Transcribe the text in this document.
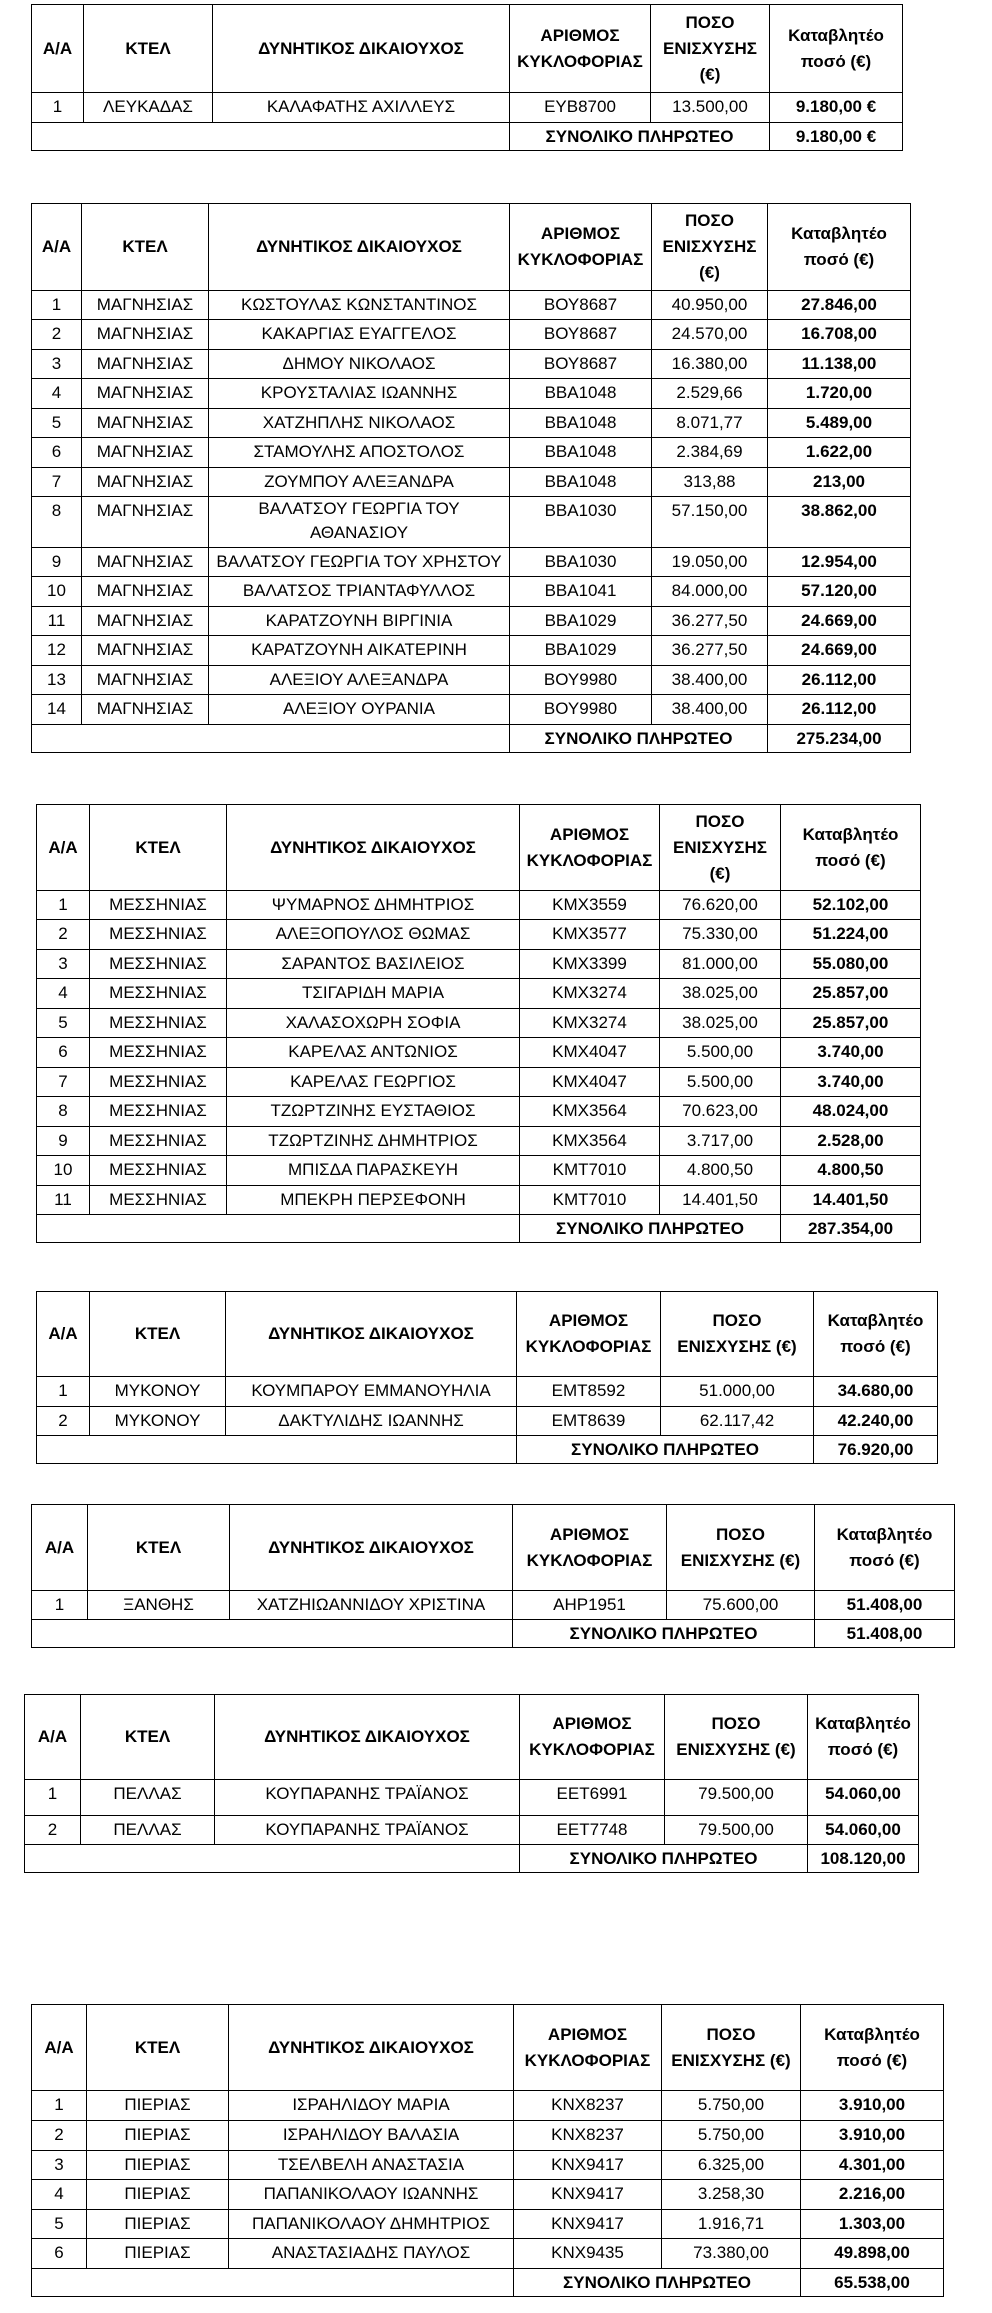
Α/Α	ΚΤΕΛ	ΔΥΝΗΤΙΚΟΣ ΔΙΚΑΙΟΥΧΟΣ	ΑΡΙΘΜΟΣ ΚΥΚΛΟΦΟΡΙΑΣ	ΠΟΣΟ ΕΝΙΣΧΥΣΗΣ (€)	Καταβλητέο ποσό (€)
1	ΛΕΥΚΑΔΑΣ	ΚΑΛΑΦΑΤΗΣ ΑΧΙΛΛΕΥΣ	ΕΥΒ8700	13.500,00	9.180,00 €
			ΣΥΝΟΛΙΚΟ ΠΛΗΡΩΤΕΟ		9.180,00 €
Α/Α	ΚΤΕΛ	ΔΥΝΗΤΙΚΟΣ ΔΙΚΑΙΟΥΧΟΣ	ΑΡΙΘΜΟΣ ΚΥΚΛΟΦΟΡΙΑΣ	ΠΟΣΟ ΕΝΙΣΧΥΣΗΣ (€)	Καταβλητέο ποσό (€)
1	ΜΑΓΝΗΣΙΑΣ	ΚΩΣΤΟΥΛΑΣ ΚΩΝΣΤΑΝΤΙΝΟΣ	ΒΟΥ8687	40.950,00	27.846,00
2	ΜΑΓΝΗΣΙΑΣ	ΚΑΚΑΡΓΙΑΣ ΕΥΑΓΓΕΛΟΣ	ΒΟΥ8687	24.570,00	16.708,00
3	ΜΑΓΝΗΣΙΑΣ	ΔΗΜΟΥ ΝΙΚΟΛΑΟΣ	ΒΟΥ8687	16.380,00	11.138,00
4	ΜΑΓΝΗΣΙΑΣ	ΚΡΟΥΣΤΑΛΙΑΣ ΙΩΑΝΝΗΣ	ΒΒΑ1048	2.529,66	1.720,00
5	ΜΑΓΝΗΣΙΑΣ	ΧΑΤΖΗΠΛΗΣ ΝΙΚΟΛΑΟΣ	ΒΒΑ1048	8.071,77	5.489,00
6	ΜΑΓΝΗΣΙΑΣ	ΣΤΑΜΟΥΛΗΣ ΑΠΟΣΤΟΛΟΣ	ΒΒΑ1048	2.384,69	1.622,00
7	ΜΑΓΝΗΣΙΑΣ	ΖΟΥΜΠΟΥ ΑΛΕΞΑΝΔΡΑ	ΒΒΑ1048	313,88	213,00
8	ΜΑΓΝΗΣΙΑΣ	ΒΑΛΑΤΣΟΥ ΓΕΩΡΓΙΑ ΤΟΥ ΑΘΑΝΑΣΙΟΥ	ΒΒΑ1030	57.150,00	38.862,00
9	ΜΑΓΝΗΣΙΑΣ	ΒΑΛΑΤΣΟΥ ΓΕΩΡΓΙΑ ΤΟΥ ΧΡΗΣΤΟΥ	ΒΒΑ1030	19.050,00	12.954,00
10	ΜΑΓΝΗΣΙΑΣ	ΒΑΛΑΤΣΟΣ ΤΡΙΑΝΤΑΦΥΛΛΟΣ	ΒΒΑ1041	84.000,00	57.120,00
11	ΜΑΓΝΗΣΙΑΣ	ΚΑΡΑΤΖΟΥΝΗ ΒΙΡΓΙΝΙΑ	ΒΒΑ1029	36.277,50	24.669,00
12	ΜΑΓΝΗΣΙΑΣ	ΚΑΡΑΤΖΟΥΝΗ ΑΙΚΑΤΕΡΙΝΗ	ΒΒΑ1029	36.277,50	24.669,00
13	ΜΑΓΝΗΣΙΑΣ	ΑΛΕΞΙΟΥ ΑΛΕΞΑΝΔΡΑ	ΒΟΥ9980	38.400,00	26.112,00
14	ΜΑΓΝΗΣΙΑΣ	ΑΛΕΞΙΟΥ ΟΥΡΑΝΙΑ	ΒΟΥ9980	38.400,00	26.112,00
			ΣΥΝΟΛΙΚΟ ΠΛΗΡΩΤΕΟ		275.234,00
Α/Α	ΚΤΕΛ	ΔΥΝΗΤΙΚΟΣ ΔΙΚΑΙΟΥΧΟΣ	ΑΡΙΘΜΟΣ ΚΥΚΛΟΦΟΡΙΑΣ	ΠΟΣΟ ΕΝΙΣΧΥΣΗΣ (€)	Καταβλητέο ποσό (€)
1	ΜΕΣΣΗΝΙΑΣ	ΨΥΜΑΡΝΟΣ ΔΗΜΗΤΡΙΟΣ	ΚΜΧ3559	76.620,00	52.102,00
2	ΜΕΣΣΗΝΙΑΣ	ΑΛΕΞΟΠΟΥΛΟΣ ΘΩΜΑΣ	ΚΜΧ3577	75.330,00	51.224,00
3	ΜΕΣΣΗΝΙΑΣ	ΣΑΡΑΝΤΟΣ ΒΑΣΙΛΕΙΟΣ	ΚΜΧ3399	81.000,00	55.080,00
4	ΜΕΣΣΗΝΙΑΣ	ΤΣΙΓΑΡΙΔΗ ΜΑΡΙΑ	ΚΜΧ3274	38.025,00	25.857,00
5	ΜΕΣΣΗΝΙΑΣ	ΧΑΛΑΣΟΧΩΡΗ ΣΟΦΙΑ	ΚΜΧ3274	38.025,00	25.857,00
6	ΜΕΣΣΗΝΙΑΣ	ΚΑΡΕΛΑΣ ΑΝΤΩΝΙΟΣ	ΚΜΧ4047	5.500,00	3.740,00
7	ΜΕΣΣΗΝΙΑΣ	ΚΑΡΕΛΑΣ ΓΕΩΡΓΙΟΣ	ΚΜΧ4047	5.500,00	3.740,00
8	ΜΕΣΣΗΝΙΑΣ	ΤΖΩΡΤΖΙΝΗΣ ΕΥΣΤΑΘΙΟΣ	ΚΜΧ3564	70.623,00	48.024,00
9	ΜΕΣΣΗΝΙΑΣ	ΤΖΩΡΤΖΙΝΗΣ ΔΗΜΗΤΡΙΟΣ	ΚΜΧ3564	3.717,00	2.528,00
10	ΜΕΣΣΗΝΙΑΣ	ΜΠΙΣΔΑ ΠΑΡΑΣΚΕΥΗ	ΚΜΤ7010	4.800,50	4.800,50
11	ΜΕΣΣΗΝΙΑΣ	ΜΠΕΚΡΗ ΠΕΡΣΕΦΟΝΗ	ΚΜΤ7010	14.401,50	14.401,50
			ΣΥΝΟΛΙΚΟ ΠΛΗΡΩΤΕΟ		287.354,00
Α/Α	ΚΤΕΛ	ΔΥΝΗΤΙΚΟΣ ΔΙΚΑΙΟΥΧΟΣ	ΑΡΙΘΜΟΣ ΚΥΚΛΟΦΟΡΙΑΣ	ΠΟΣΟ ΕΝΙΣΧΥΣΗΣ (€)	Καταβλητέο ποσό (€)
1	ΜΥΚΟΝΟΥ	ΚΟΥΜΠΑΡΟΥ ΕΜΜΑΝΟΥΗΛΙΑ	ΕΜΤ8592	51.000,00	34.680,00
2	ΜΥΚΟΝΟΥ	ΔΑΚΤΥΛΙΔΗΣ ΙΩΑΝΝΗΣ	ΕΜΤ8639	62.117,42	42.240,00
			ΣΥΝΟΛΙΚΟ ΠΛΗΡΩΤΕΟ		76.920,00
Α/Α	ΚΤΕΛ	ΔΥΝΗΤΙΚΟΣ ΔΙΚΑΙΟΥΧΟΣ	ΑΡΙΘΜΟΣ ΚΥΚΛΟΦΟΡΙΑΣ	ΠΟΣΟ ΕΝΙΣΧΥΣΗΣ (€)	Καταβλητέο ποσό (€)
1	ΞΑΝΘΗΣ	ΧΑΤΖΗΙΩΑΝΝΙΔΟΥ ΧΡΙΣΤΙΝΑ	ΑΗΡ1951	75.600,00	51.408,00
			ΣΥΝΟΛΙΚΟ ΠΛΗΡΩΤΕΟ		51.408,00
Α/Α	ΚΤΕΛ	ΔΥΝΗΤΙΚΟΣ ΔΙΚΑΙΟΥΧΟΣ	ΑΡΙΘΜΟΣ ΚΥΚΛΟΦΟΡΙΑΣ	ΠΟΣΟ ΕΝΙΣΧΥΣΗΣ (€)	Καταβλητέο ποσό (€)
1	ΠΕΛΛΑΣ	ΚΟΥΠΑΡΑΝΗΣ ΤΡΑΪΑΝΟΣ	ΕΕΤ6991	79.500,00	54.060,00
2	ΠΕΛΛΑΣ	ΚΟΥΠΑΡΑΝΗΣ ΤΡΑΪΑΝΟΣ	ΕΕΤ7748	79.500,00	54.060,00
			ΣΥΝΟΛΙΚΟ ΠΛΗΡΩΤΕΟ		108.120,00
Α/Α	ΚΤΕΛ	ΔΥΝΗΤΙΚΟΣ ΔΙΚΑΙΟΥΧΟΣ	ΑΡΙΘΜΟΣ ΚΥΚΛΟΦΟΡΙΑΣ	ΠΟΣΟ ΕΝΙΣΧΥΣΗΣ (€)	Καταβλητέο ποσό (€)
1	ΠΙΕΡΙΑΣ	ΙΣΡΑΗΛΙΔΟΥ ΜΑΡΙΑ	ΚΝΧ8237	5.750,00	3.910,00
2	ΠΙΕΡΙΑΣ	ΙΣΡΑΗΛΙΔΟΥ ΒΑΛΑΣΙΑ	ΚΝΧ8237	5.750,00	3.910,00
3	ΠΙΕΡΙΑΣ	ΤΣΕΛΒΕΛΗ ΑΝΑΣΤΑΣΙΑ	ΚΝΧ9417	6.325,00	4.301,00
4	ΠΙΕΡΙΑΣ	ΠΑΠΑΝΙΚΟΛΑΟΥ ΙΩΑΝΝΗΣ	ΚΝΧ9417	3.258,30	2.216,00
5	ΠΙΕΡΙΑΣ	ΠΑΠΑΝΙΚΟΛΑΟΥ ΔΗΜΗΤΡΙΟΣ	ΚΝΧ9417	1.916,71	1.303,00
6	ΠΙΕΡΙΑΣ	ΑΝΑΣΤΑΣΙΑΔΗΣ ΠΑΥΛΟΣ	ΚΝΧ9435	73.380,00	49.898,00
			ΣΥΝΟΛΙΚΟ ΠΛΗΡΩΤΕΟ		65.538,00
